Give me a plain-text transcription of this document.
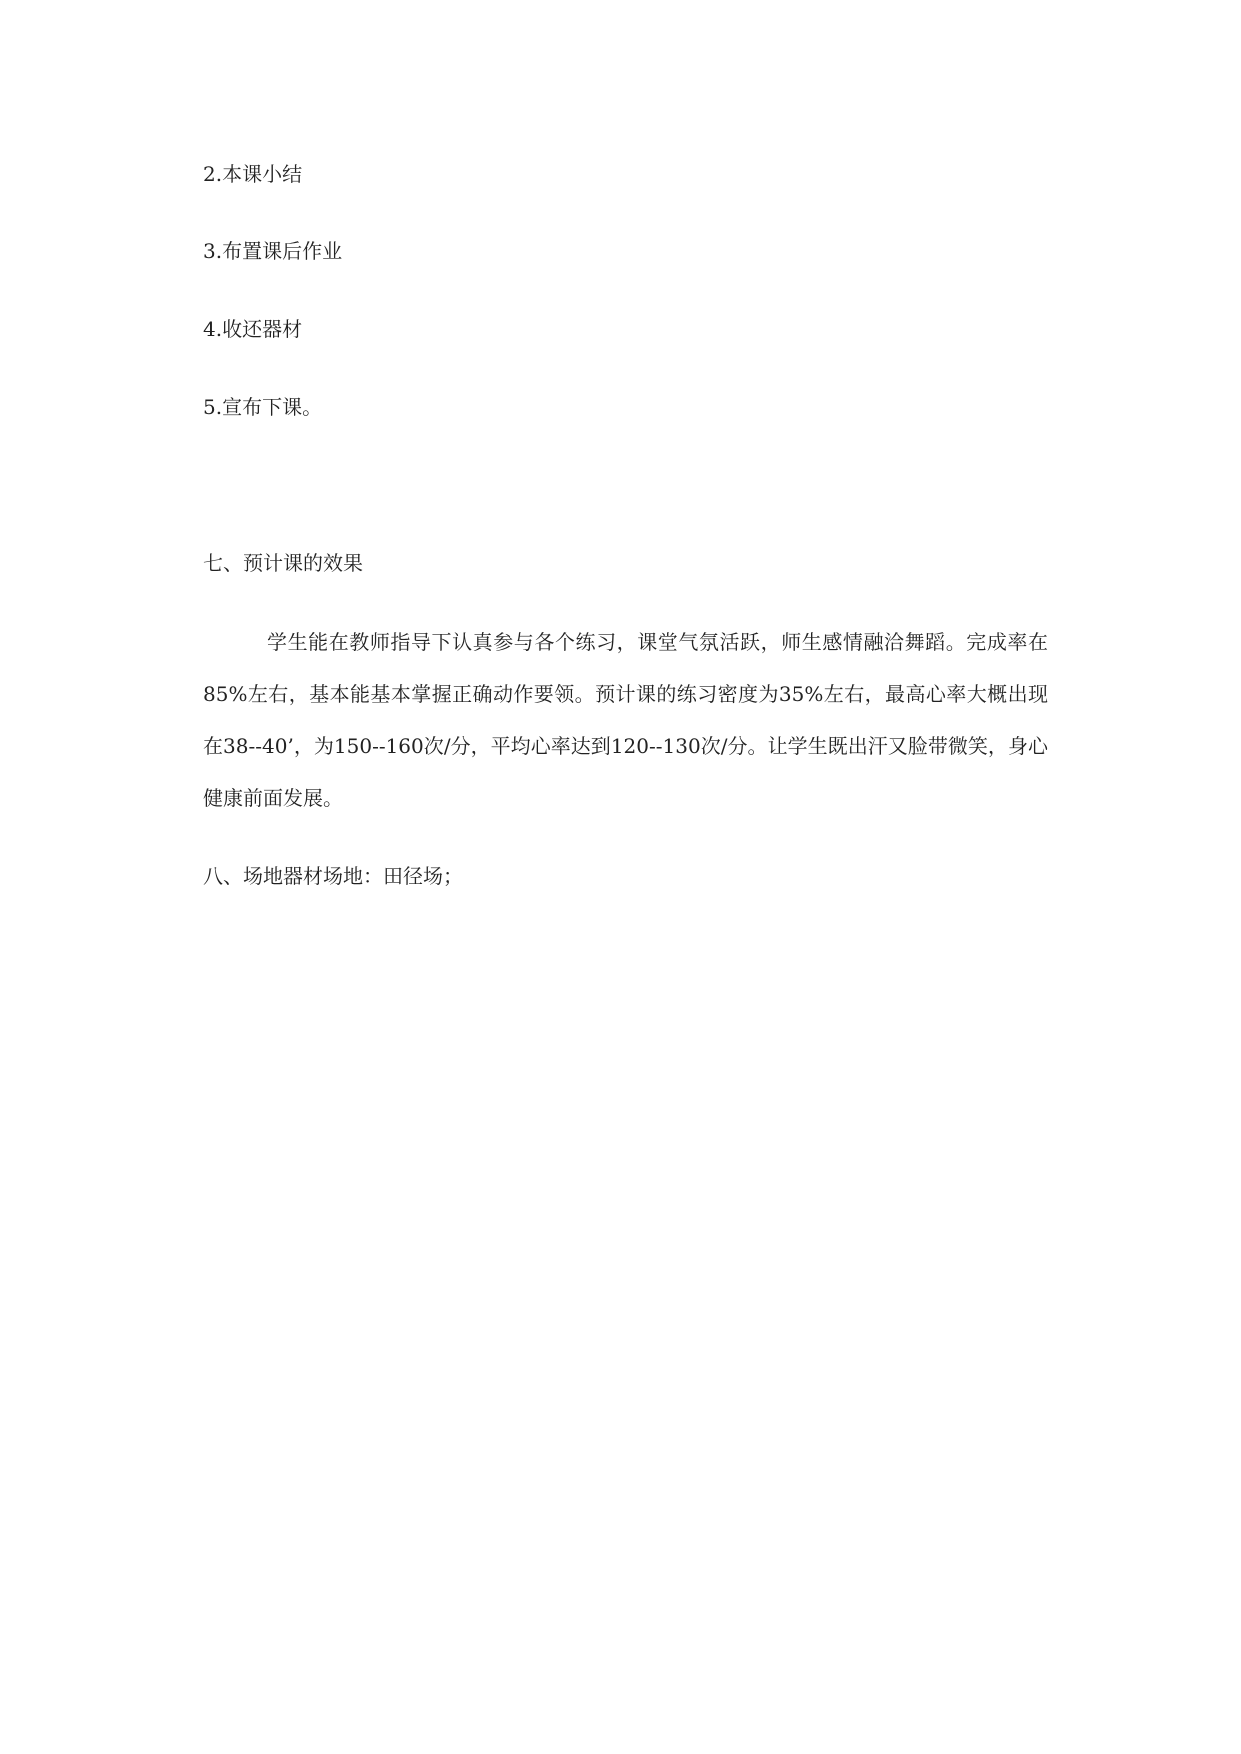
2.本课小结
3.布置课后作业
4.收还器材
5.宣布下课。
七、预计课的效果
学生能在教师指导下认真参与各个练习，课堂气氛活跃，师生感情融洽舞蹈。完成率在85%左右，基本能基本掌握正确动作要领。预计课的练习密度为35%左右，最高心率大概出现在38--40’，为150--160次/分，平均心率达到120--130次/分。让学生既出汗又脸带微笑，身心健康前面发展。
八、场地器材场地：田径场；
